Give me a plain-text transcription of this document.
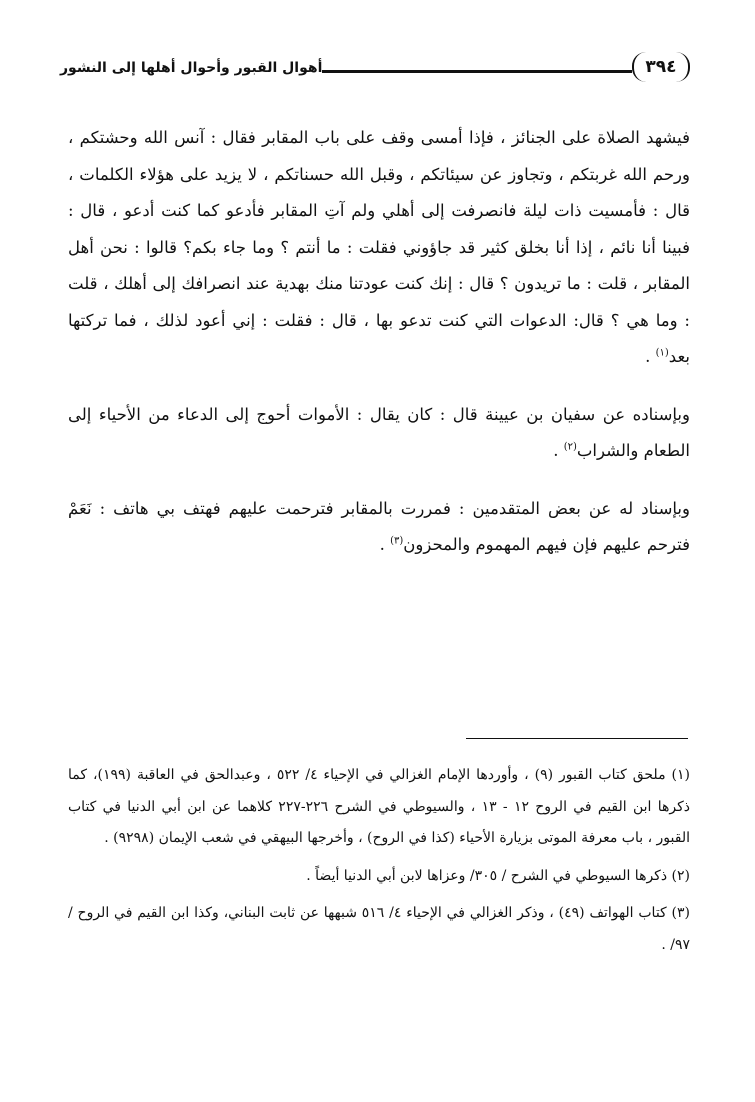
أهوال القبور وأحوال أهلها إلى النشور	٣٩٤

فيشهد الصلاة على الجنائز ، فإذا أمسى وقف على باب المقابر فقال : آنس الله وحشتكم ، ورحم الله غربتكم ، وتجاوز عن سيئاتكم ، وقبل الله حسناتكم ، لا يزيد على هؤلاء الكلمات ، قال : فأمسيت ذات ليلة فانصرفت إلى أهلي ولم آتِ المقابر فأدعو كما كنت أدعو ، قال : فبينا أنا نائم ، إذا أنا بخلق كثير قد جاؤوني فقلت : ما أنتم ؟ وما جاء بكم؟ قالوا : نحن أهل المقابر ، قلت : ما تريدون ؟ قال : إنك كنت عودتنا منك بهدية عند انصرافك إلى أهلك ، قلت : وما هي ؟ قال: الدعوات التي كنت تدعو بها ، قال : فقلت : إني أعود لذلك ، فما تركتها بعد$^{(١)}$ .

وبإسناده عن سفيان بن عيينة قال : كان يقال : الأموات أحوج إلى الدعاء من الأحياء إلى الطعام والشراب$^{(٢)}$ .

وبإسناد له عن بعض المتقدمين : فمررت بالمقابر فترحمت عليهم فهتف بي هاتف : نَعَمْ فترحم عليهم فإن فيهم المهموم والمحزون$^{(٣)}$ .

(١) ملحق كتاب القبور (٩) ، وأوردها الإمام الغزالي في الإحياء ٤/ ٥٢٢ ، وعبدالحق في العاقبة (١٩٩)، كما ذكرها ابن القيم في الروح ١٢ - ١٣ ، والسيوطي في الشرح ٢٢٦-٢٢٧ كلاهما عن ابن أبي الدنيا في كتاب القبور ، باب معرفة الموتى بزيارة الأحياء (كذا في الروح) ، وأخرجها البيهقي في شعب الإيمان (٩٢٩٨) .

(٢) ذكرها السيوطي في الشرح / ٣٠٥/ وعزاها لابن أبي الدنيا أيضاً .

(٣) كتاب الهواتف (٤٩) ، وذكر الغزالي في الإحياء ٤/ ٥١٦ شبهها عن ثابت البناني، وكذا ابن القيم في الروح / ٩٧/ .
